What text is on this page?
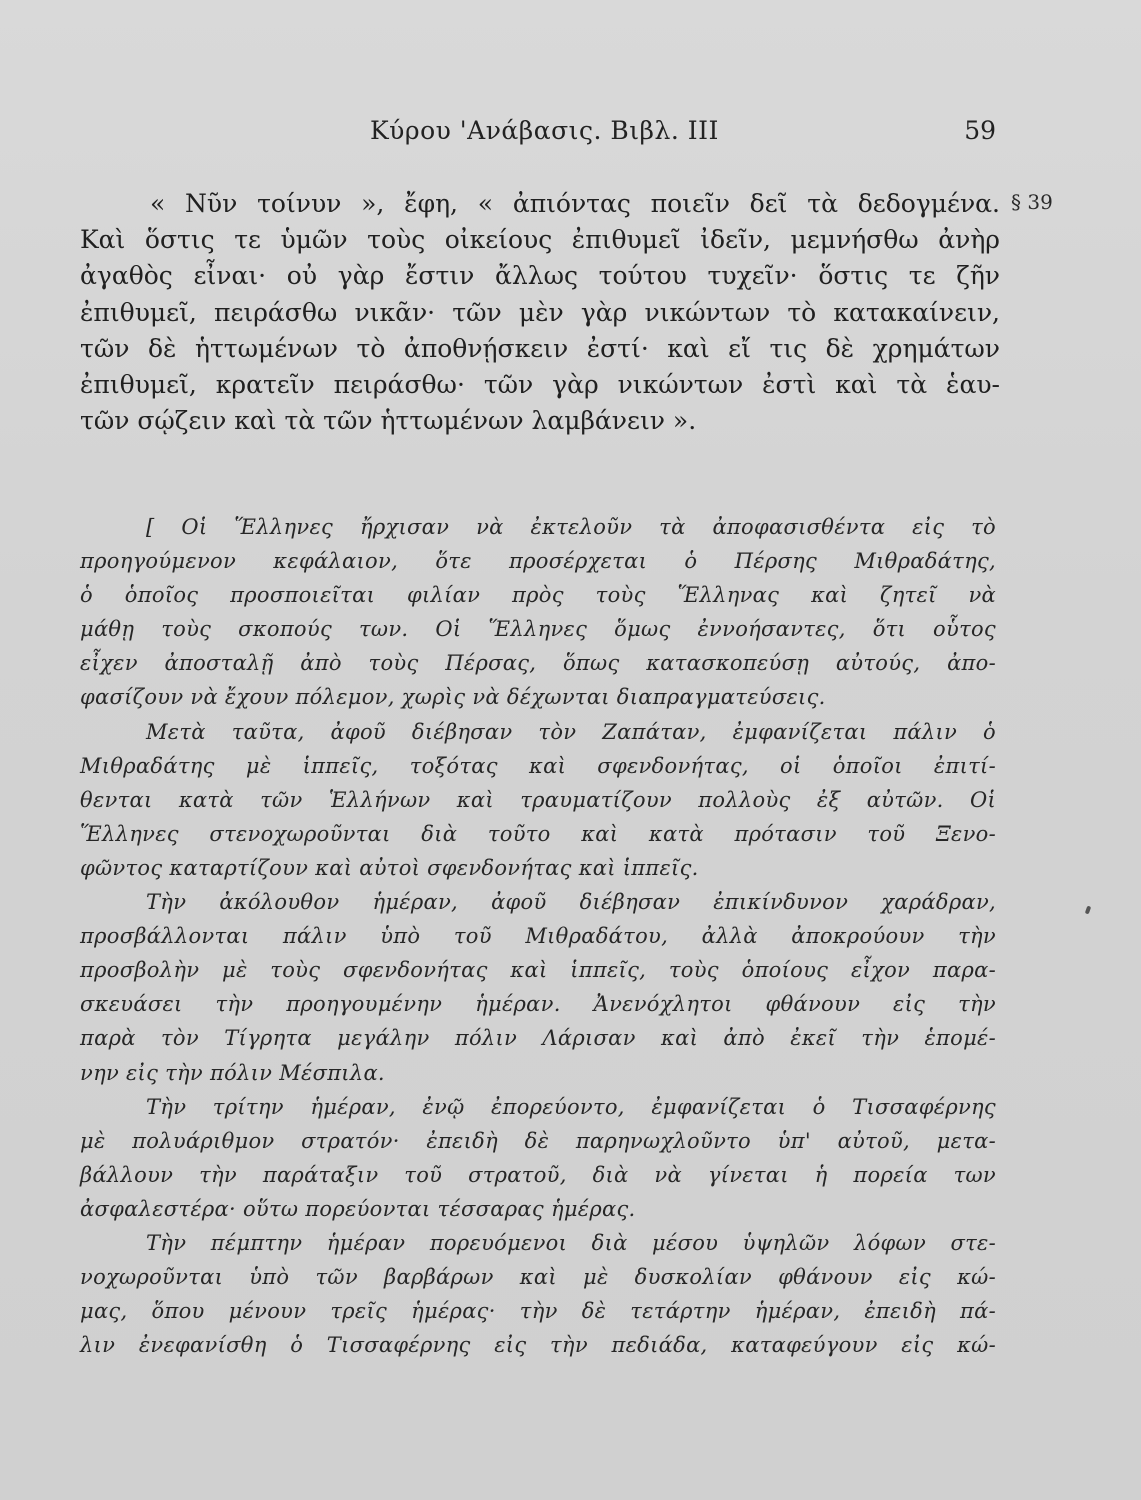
Κύρου 'Ανάβασις. Βιβλ. ΙΙΙ	59
§ 39
« Νῦν τοίνυν », ἔφη, « ἀπιόντας ποιεῖν δεῖ τὰ δεδογμένα.
Καὶ ὅστις τε ὑμῶν τοὺς οἰκείους ἐπιθυμεῖ ἰδεῖν, μεμνήσθω ἀνὴρ
ἀγαθὸς εἶναι· οὐ γὰρ ἔστιν ἄλλως τούτου τυχεῖν· ὅστις τε ζῆν
ἐπιθυμεῖ, πειράσθω νικᾶν· τῶν μὲν γὰρ νικώντων τὸ κατακαίνειν,
τῶν δὲ ἡττωμένων τὸ ἀποθνῄσκειν ἐστί· καὶ εἴ τις δὲ χρημάτων
ἐπιθυμεῖ, κρατεῖν πειράσθω· τῶν γὰρ νικώντων ἐστὶ καὶ τὰ ἑαυ-
τῶν σῴζειν καὶ τὰ τῶν ἡττωμένων λαμβάνειν ».
[ Οἱ Ἕλληνες ἤρχισαν νὰ ἐκτελοῦν τὰ ἀποφασισθέντα εἰς τὸ
προηγούμενον κεφάλαιον, ὅτε προσέρχεται ὁ Πέρσης Μιθραδάτης,
ὁ ὁποῖος προσποιεῖται φιλίαν πρὸς τοὺς Ἕλληνας καὶ ζητεῖ νὰ
μάθῃ τοὺς σκοπούς των. Οἱ Ἕλληνες ὅμως ἐννοήσαντες, ὅτι οὗτος
εἶχεν ἀποσταλῇ ἀπὸ τοὺς Πέρσας, ὅπως κατασκοπεύσῃ αὐτούς, ἀπο-
φασίζουν νὰ ἔχουν πόλεμον, χωρὶς νὰ δέχωνται διαπραγματεύσεις.
Μετὰ ταῦτα, ἀφοῦ διέβησαν τὸν Ζαπάταν, ἐμφανίζεται πάλιν ὁ
Μιθραδάτης μὲ ἱππεῖς, τοξότας καὶ σφενδονήτας, οἱ ὁποῖοι ἐπιτί-
θενται κατὰ τῶν Ἑλλήνων καὶ τραυματίζουν πολλοὺς ἐξ αὐτῶν. Οἱ
Ἕλληνες στενοχωροῦνται διὰ τοῦτο καὶ κατὰ πρότασιν τοῦ Ξενο-
φῶντος καταρτίζουν καὶ αὐτοὶ σφενδονήτας καὶ ἱππεῖς.
Τὴν ἀκόλουθον ἡμέραν, ἀφοῦ διέβησαν ἐπικίνδυνον χαράδραν,
προσβάλλονται πάλιν ὑπὸ τοῦ Μιθραδάτου, ἀλλὰ ἀποκρούουν τὴν
προσβολὴν μὲ τοὺς σφενδονήτας καὶ ἱππεῖς, τοὺς ὁποίους εἶχον παρα-
σκευάσει τὴν προηγουμένην ἡμέραν. Ἀνενόχλητοι φθάνουν εἰς τὴν
παρὰ τὸν Τίγρητα μεγάλην πόλιν Λάρισαν καὶ ἀπὸ ἐκεῖ τὴν ἑπομέ-
νην εἰς τὴν πόλιν Μέσπιλα.
Τὴν τρίτην ἡμέραν, ἐνῷ ἐπορεύοντο, ἐμφανίζεται ὁ Τισσαφέρνης
μὲ πολυάριθμον στρατόν· ἐπειδὴ δὲ παρηνωχλοῦντο ὑπ' αὐτοῦ, μετα-
βάλλουν τὴν παράταξιν τοῦ στρατοῦ, διὰ νὰ γίνεται ἡ πορεία των
ἀσφαλεστέρα· οὕτω πορεύονται τέσσαρας ἡμέρας.
Τὴν πέμπτην ἡμέραν πορευόμενοι διὰ μέσου ὑψηλῶν λόφων στε-
νοχωροῦνται ὑπὸ τῶν βαρβάρων καὶ μὲ δυσκολίαν φθάνουν εἰς κώ-
μας, ὅπου μένουν τρεῖς ἡμέρας· τὴν δὲ τετάρτην ἡμέραν, ἐπειδὴ πά-
λιν ἐνεφανίσθη ὁ Τισσαφέρνης εἰς τὴν πεδιάδα, καταφεύγουν εἰς κώ-
